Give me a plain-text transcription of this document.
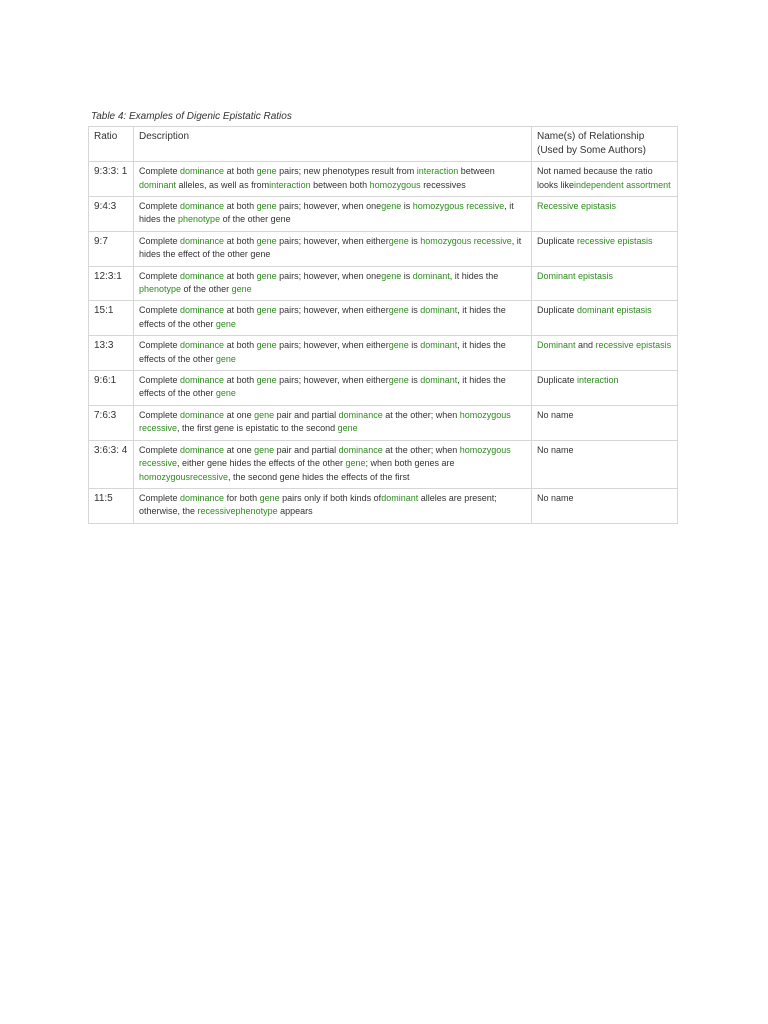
Table 4: Examples of Digenic Epistatic Ratios
Ratio	Description	Name(s) of Relationship (Used by Some Authors)
9:3:3: 1	Complete dominance at both gene pairs; new phenotypes result from interaction between dominant alleles, as well as frominteraction between both homozygous recessives	Not named because the ratio looks likeindependent assortment
9:4:3	Complete dominance at both gene pairs; however, when onegene is homozygous recessive, it hides the phenotype of the other gene	Recessive epistasis
9:7	Complete dominance at both gene pairs; however, when eithergene is homozygous recessive, it hides the effect of the other gene	Duplicate recessive epistasis
12:3:1	Complete dominance at both gene pairs; however, when onegene is dominant, it hides the phenotype of the other gene	Dominant epistasis
15:1	Complete dominance at both gene pairs; however, when eithergene is dominant, it hides the effects of the other gene	Duplicate dominant epistasis
13:3	Complete dominance at both gene pairs; however, when eithergene is dominant, it hides the effects of the other gene	Dominant and recessive epistasis
9:6:1	Complete dominance at both gene pairs; however, when eithergene is dominant, it hides the effects of the other gene	Duplicate interaction
7:6:3	Complete dominance at one gene pair and partial dominance at the other; when homozygous recessive, the first gene is epistatic to the second gene	No name
3:6:3: 4	Complete dominance at one gene pair and partial dominance at the other; when homozygous recessive, either gene hides the effects of the other gene; when both genes are homozygousrecessive, the second gene hides the effects of the first	No name
11:5	Complete dominance for both gene pairs only if both kinds ofdominant alleles are present; otherwise, the recessivephenotype appears	No name
